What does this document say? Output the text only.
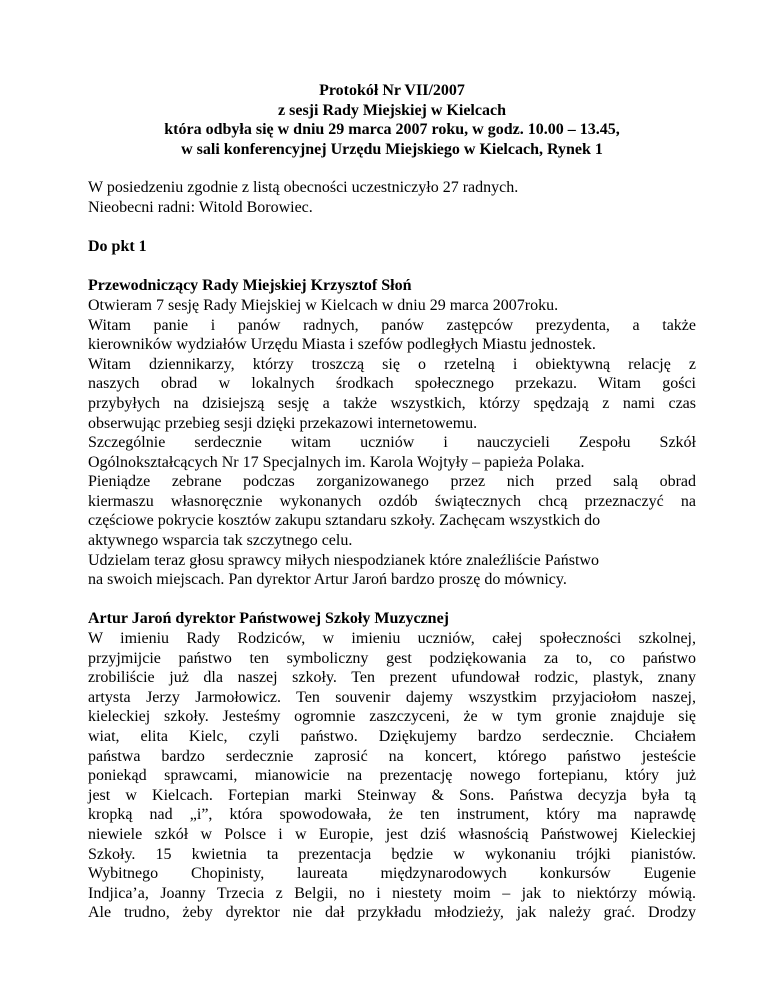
Protokół Nr VII/2007
z sesji Rady Miejskiej w Kielcach
która odbyła się w dniu 29 marca 2007 roku, w godz. 10.00 – 13.45,
w sali konferencyjnej Urzędu Miejskiego w Kielcach, Rynek 1

W posiedzeniu zgodnie z listą obecności uczestniczyło 27 radnych.

Nieobecni radni: Witold Borowiec.

Do pkt 1

Przewodniczący Rady Miejskiej Krzysztof Słoń

Otwieram 7 sesję Rady Miejskiej w Kielcach w dniu 29 marca 2007roku.
Witam panie i panów radnych, panów zastępców prezydenta, a także
kierowników wydziałów Urzędu Miasta i szefów podległych Miastu jednostek.
Witam dziennikarzy, którzy troszczą się o rzetelną i obiektywną relację z
naszych obrad w lokalnych środkach społecznego przekazu. Witam gości
przybyłych na dzisiejszą sesję a także wszystkich, którzy spędzają z nami czas
obserwując przebieg sesji dzięki przekazowi internetowemu.
Szczególnie serdecznie witam uczniów i nauczycieli Zespołu Szkół
Ogólnokształcących Nr 17 Specjalnych im. Karola Wojtyły – papieża Polaka.
Pieniądze zebrane podczas zorganizowanego przez nich przed salą obrad
kiermaszu własnoręcznie wykonanych ozdób świątecznych chcą przeznaczyć na
częściowe pokrycie kosztów zakupu sztandaru szkoły. Zachęcam wszystkich do
aktywnego wsparcia tak szczytnego celu.
Udzielam teraz głosu sprawcy miłych niespodzianek które znaleźliście Państwo
na swoich miejscach. Pan dyrektor Artur Jaroń bardzo proszę do mównicy.

Artur Jaroń dyrektor Państwowej Szkoły Muzycznej

W imieniu Rady Rodziców, w imieniu uczniów, całej społeczności szkolnej,
przyjmijcie państwo ten symboliczny gest podziękowania za to, co państwo
zrobiliście już dla naszej szkoły. Ten prezent ufundował rodzic, plastyk, znany
artysta Jerzy Jarmołowicz. Ten souvenir dajemy wszystkim przyjaciołom naszej,
kieleckiej szkoły. Jesteśmy ogromnie zaszczyceni, że w tym gronie znajduje się
wiat, elita Kielc, czyli państwo. Dziękujemy bardzo serdecznie. Chciałem
państwa bardzo serdecznie zaprosić na koncert, którego państwo jesteście
poniekąd sprawcami, mianowicie na prezentację nowego fortepianu, który już
jest w Kielcach. Fortepian marki Steinway & Sons. Państwa decyzja była tą
kropką nad „i”, która spowodowała, że ten instrument, który ma naprawdę
niewiele szkół w Polsce i w Europie, jest dziś własnością Państwowej Kieleckiej
Szkoły. 15 kwietnia ta prezentacja będzie w wykonaniu trójki pianistów.
Wybitnego Chopinisty, laureata międzynarodowych konkursów Eugenie
Indjica’a, Joanny Trzecia z Belgii, no i niestety moim – jak to niektórzy mówią.
Ale trudno, żeby dyrektor nie dał przykładu młodzieży, jak należy grać. Drodzy
